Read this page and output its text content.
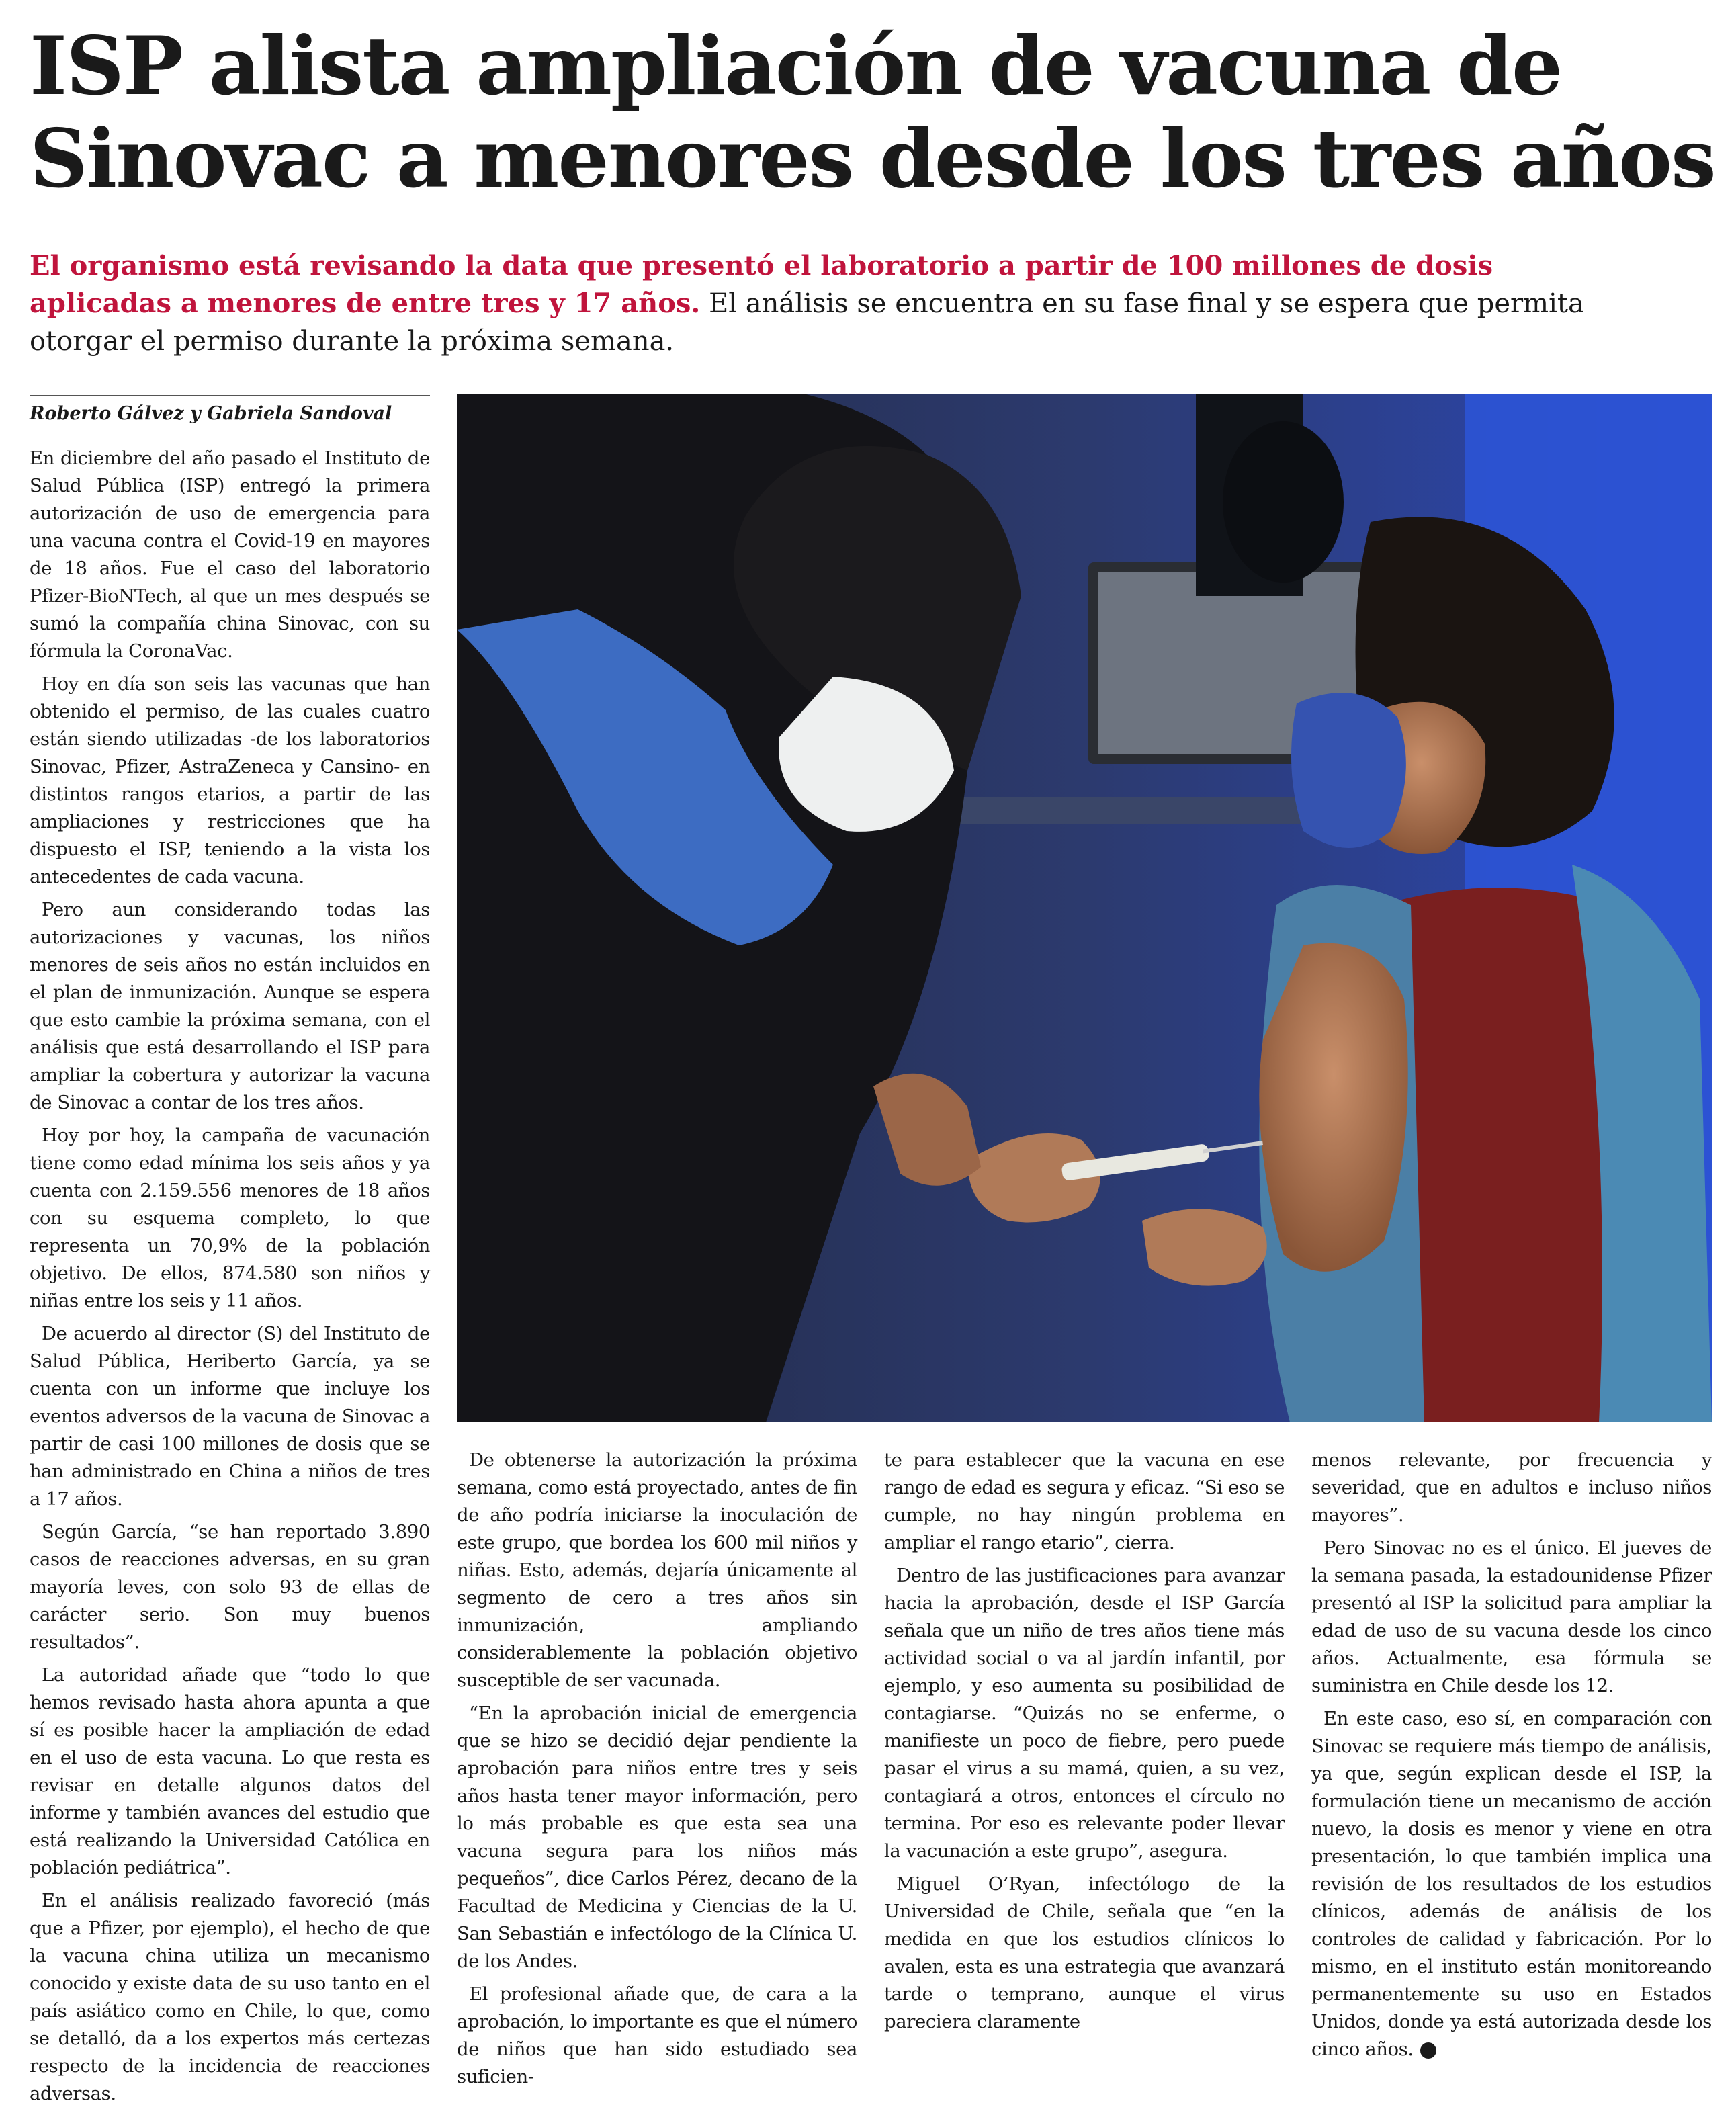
ISP alista ampliación de vacuna de
Sinovac a menores desde los tres años

El organismo está revisando la data que presentó el laboratorio a partir de 100 millones de dosis aplicadas a menores de entre tres y 17 años. El análisis se encuentra en su fase final y se espera que permita otorgar el permiso durante la próxima semana.

Roberto Gálvez y Gabriela Sandoval

En diciembre del año pasado el Instituto de Salud Pública (ISP) entregó la primera autorización de uso de emergencia para una vacuna contra el Covid-19 en mayores de 18 años. Fue el caso del laboratorio Pfizer-BioNTech, al que un mes después se sumó la compañía china Sinovac, con su fórmula la CoronaVac.

Hoy en día son seis las vacunas que han obtenido el permiso, de las cuales cuatro están siendo utilizadas -de los laboratorios Sinovac, Pfizer, AstraZeneca y Cansino- en distintos rangos etarios, a partir de las ampliaciones y restricciones que ha dispuesto el ISP, teniendo a la vista los antecedentes de cada vacuna.

Pero aun considerando todas las autorizaciones y vacunas, los niños menores de seis años no están incluidos en el plan de inmunización. Aunque se espera que esto cambie la próxima semana, con el análisis que está desarrollando el ISP para ampliar la cobertura y autorizar la vacuna de Sinovac a contar de los tres años.

Hoy por hoy, la campaña de vacunación tiene como edad mínima los seis años y ya cuenta con 2.159.556 menores de 18 años con su esquema completo, lo que representa un 70,9% de la población objetivo. De ellos, 874.580 son niños y niñas entre los seis y 11 años.

De acuerdo al director (S) del Instituto de Salud Pública, Heriberto García, ya se cuenta con un informe que incluye los eventos adversos de la vacuna de Sinovac a partir de casi 100 millones de dosis que se han administrado en China a niños de tres a 17 años.

Según García, “se han reportado 3.890 casos de reacciones adversas, en su gran mayoría leves, con solo 93 de ellas de carácter serio. Son muy buenos resultados”.

La autoridad añade que “todo lo que hemos revisado hasta ahora apunta a que sí es posible hacer la ampliación de edad en el uso de esta vacuna. Lo que resta es revisar en detalle algunos datos del informe y también avances del estudio que está realizando la Universidad Católica en población pediátrica”.

En el análisis realizado favoreció (más que a Pfizer, por ejemplo), el hecho de que la vacuna china utiliza un mecanismo conocido y existe data de su uso tanto en el país asiático como en Chile, lo que, como se detalló, da a los expertos más certezas respecto de la incidencia de reacciones adversas.

De obtenerse la autorización la próxima semana, como está proyectado, antes de fin de año podría iniciarse la inoculación de este grupo, que bordea los 600 mil niños y niñas. Esto, además, dejaría únicamente al segmento de cero a tres años sin inmunización, ampliando considerablemente la población objetivo susceptible de ser vacunada.

“En la aprobación inicial de emergencia que se hizo se decidió dejar pendiente la aprobación para niños entre tres y seis años hasta tener mayor información, pero lo más probable es que esta sea una vacuna segura para los niños más pequeños”, dice Carlos Pérez, decano de la Facultad de Medicina y Ciencias de la U. San Sebastián e infectólogo de la Clínica U. de los Andes.

El profesional añade que, de cara a la aprobación, lo importante es que el número de niños que han sido estudiado sea suficien-

te para establecer que la vacuna en ese rango de edad es segura y eficaz. “Si eso se cumple, no hay ningún problema en ampliar el rango etario”, cierra.

Dentro de las justificaciones para avanzar hacia la aprobación, desde el ISP García señala que un niño de tres años tiene más actividad social o va al jardín infantil, por ejemplo, y eso aumenta su posibilidad de contagiarse. “Quizás no se enferme, o manifieste un poco de fiebre, pero puede pasar el virus a su mamá, quien, a su vez, contagiará a otros, entonces el círculo no termina. Por eso es relevante poder llevar la vacunación a este grupo”, asegura.

Miguel O’Ryan, infectólogo de la Universidad de Chile, señala que “en la medida en que los estudios clínicos lo avalen, esta es una estrategia que avanzará tarde o temprano, aunque el virus pareciera claramente

menos relevante, por frecuencia y severidad, que en adultos e incluso niños mayores”.

Pero Sinovac no es el único. El jueves de la semana pasada, la estadounidense Pfizer presentó al ISP la solicitud para ampliar la edad de uso de su vacuna desde los cinco años. Actualmente, esa fórmula se suministra en Chile desde los 12.

En este caso, eso sí, en comparación con Sinovac se requiere más tiempo de análisis, ya que, según explican desde el ISP, la formulación tiene un mecanismo de acción nuevo, la dosis es menor y viene en otra presentación, lo que también implica una revisión de los resultados de los estudios clínicos, además de análisis de los controles de calidad y fabricación. Por lo mismo, en el instituto están monitoreando permanentemente su uso en Estados Unidos, donde ya está autorizada desde los cinco años.
